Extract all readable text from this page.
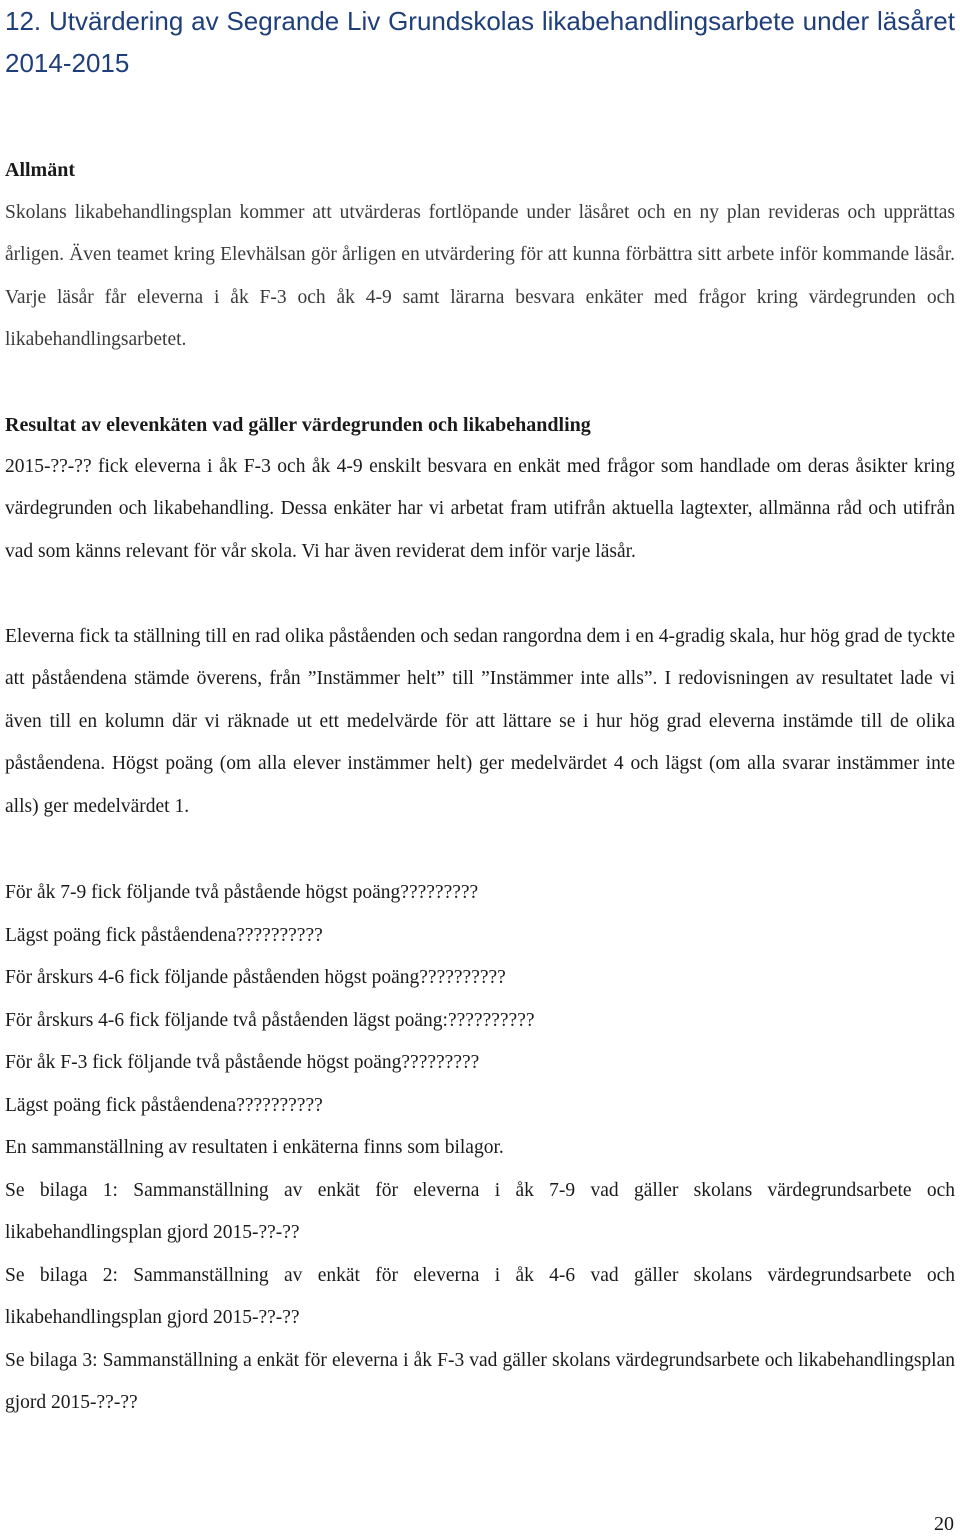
12. Utvärdering av Segrande Liv Grundskolas likabehandlingsarbete under läsåret 2014-2015
Allmänt

Skolans likabehandlingsplan kommer att utvärderas fortlöpande under läsåret och en ny plan revideras och upprättas årligen. Även teamet kring Elevhälsan gör årligen en utvärdering för att kunna förbättra sitt arbete inför kommande läsår. Varje läsår får eleverna i åk F-3 och åk 4-9 samt lärarna besvara enkäter med frågor kring värdegrunden och likabehandlingsarbetet.

Resultat av elevenkäten vad gäller värdegrunden och likabehandling

2015-??-?? fick eleverna i åk F-3 och åk 4-9 enskilt besvara en enkät med frågor som handlade om deras åsikter kring värdegrunden och likabehandling. Dessa enkäter har vi arbetat fram utifrån aktuella lagtexter, allmänna råd och utifrån vad som känns relevant för vår skola. Vi har även reviderat dem inför varje läsår.

Eleverna fick ta ställning till en rad olika påståenden och sedan rangordna dem i en 4-gradig skala, hur hög grad de tyckte att påståendena stämde överens, från ”Instämmer helt” till ”Instämmer inte alls”. I redovisningen av resultatet lade vi även till en kolumn där vi räknade ut ett medelvärde för att lättare se i hur hög grad eleverna instämde till de olika påståendena. Högst poäng (om alla elever instämmer helt) ger medelvärdet 4 och lägst (om alla svarar instämmer inte alls) ger medelvärdet 1.

För åk 7-9 fick följande två påstående högst poäng?????????
Lägst poäng fick påståendena??????????
För årskurs 4-6 fick följande påståenden högst poäng??????????
För årskurs 4-6 fick följande två påståenden lägst poäng:??????????
För åk F-3 fick följande två påstående högst poäng?????????
Lägst poäng fick påståendena??????????
En sammanställning av resultaten i enkäterna finns som bilagor.

Se bilaga 1: Sammanställning av enkät för eleverna i åk 7-9 vad gäller skolans värdegrundsarbete och likabehandlingsplan gjord 2015-??-??

Se bilaga 2: Sammanställning av enkät för eleverna i åk 4-6 vad gäller skolans värdegrundsarbete och likabehandlingsplan gjord 2015-??-??

Se bilaga 3: Sammanställning a enkät för eleverna i åk F-3 vad gäller skolans värdegrundsarbete och likabehandlingsplan gjord 2015-??-??

20
